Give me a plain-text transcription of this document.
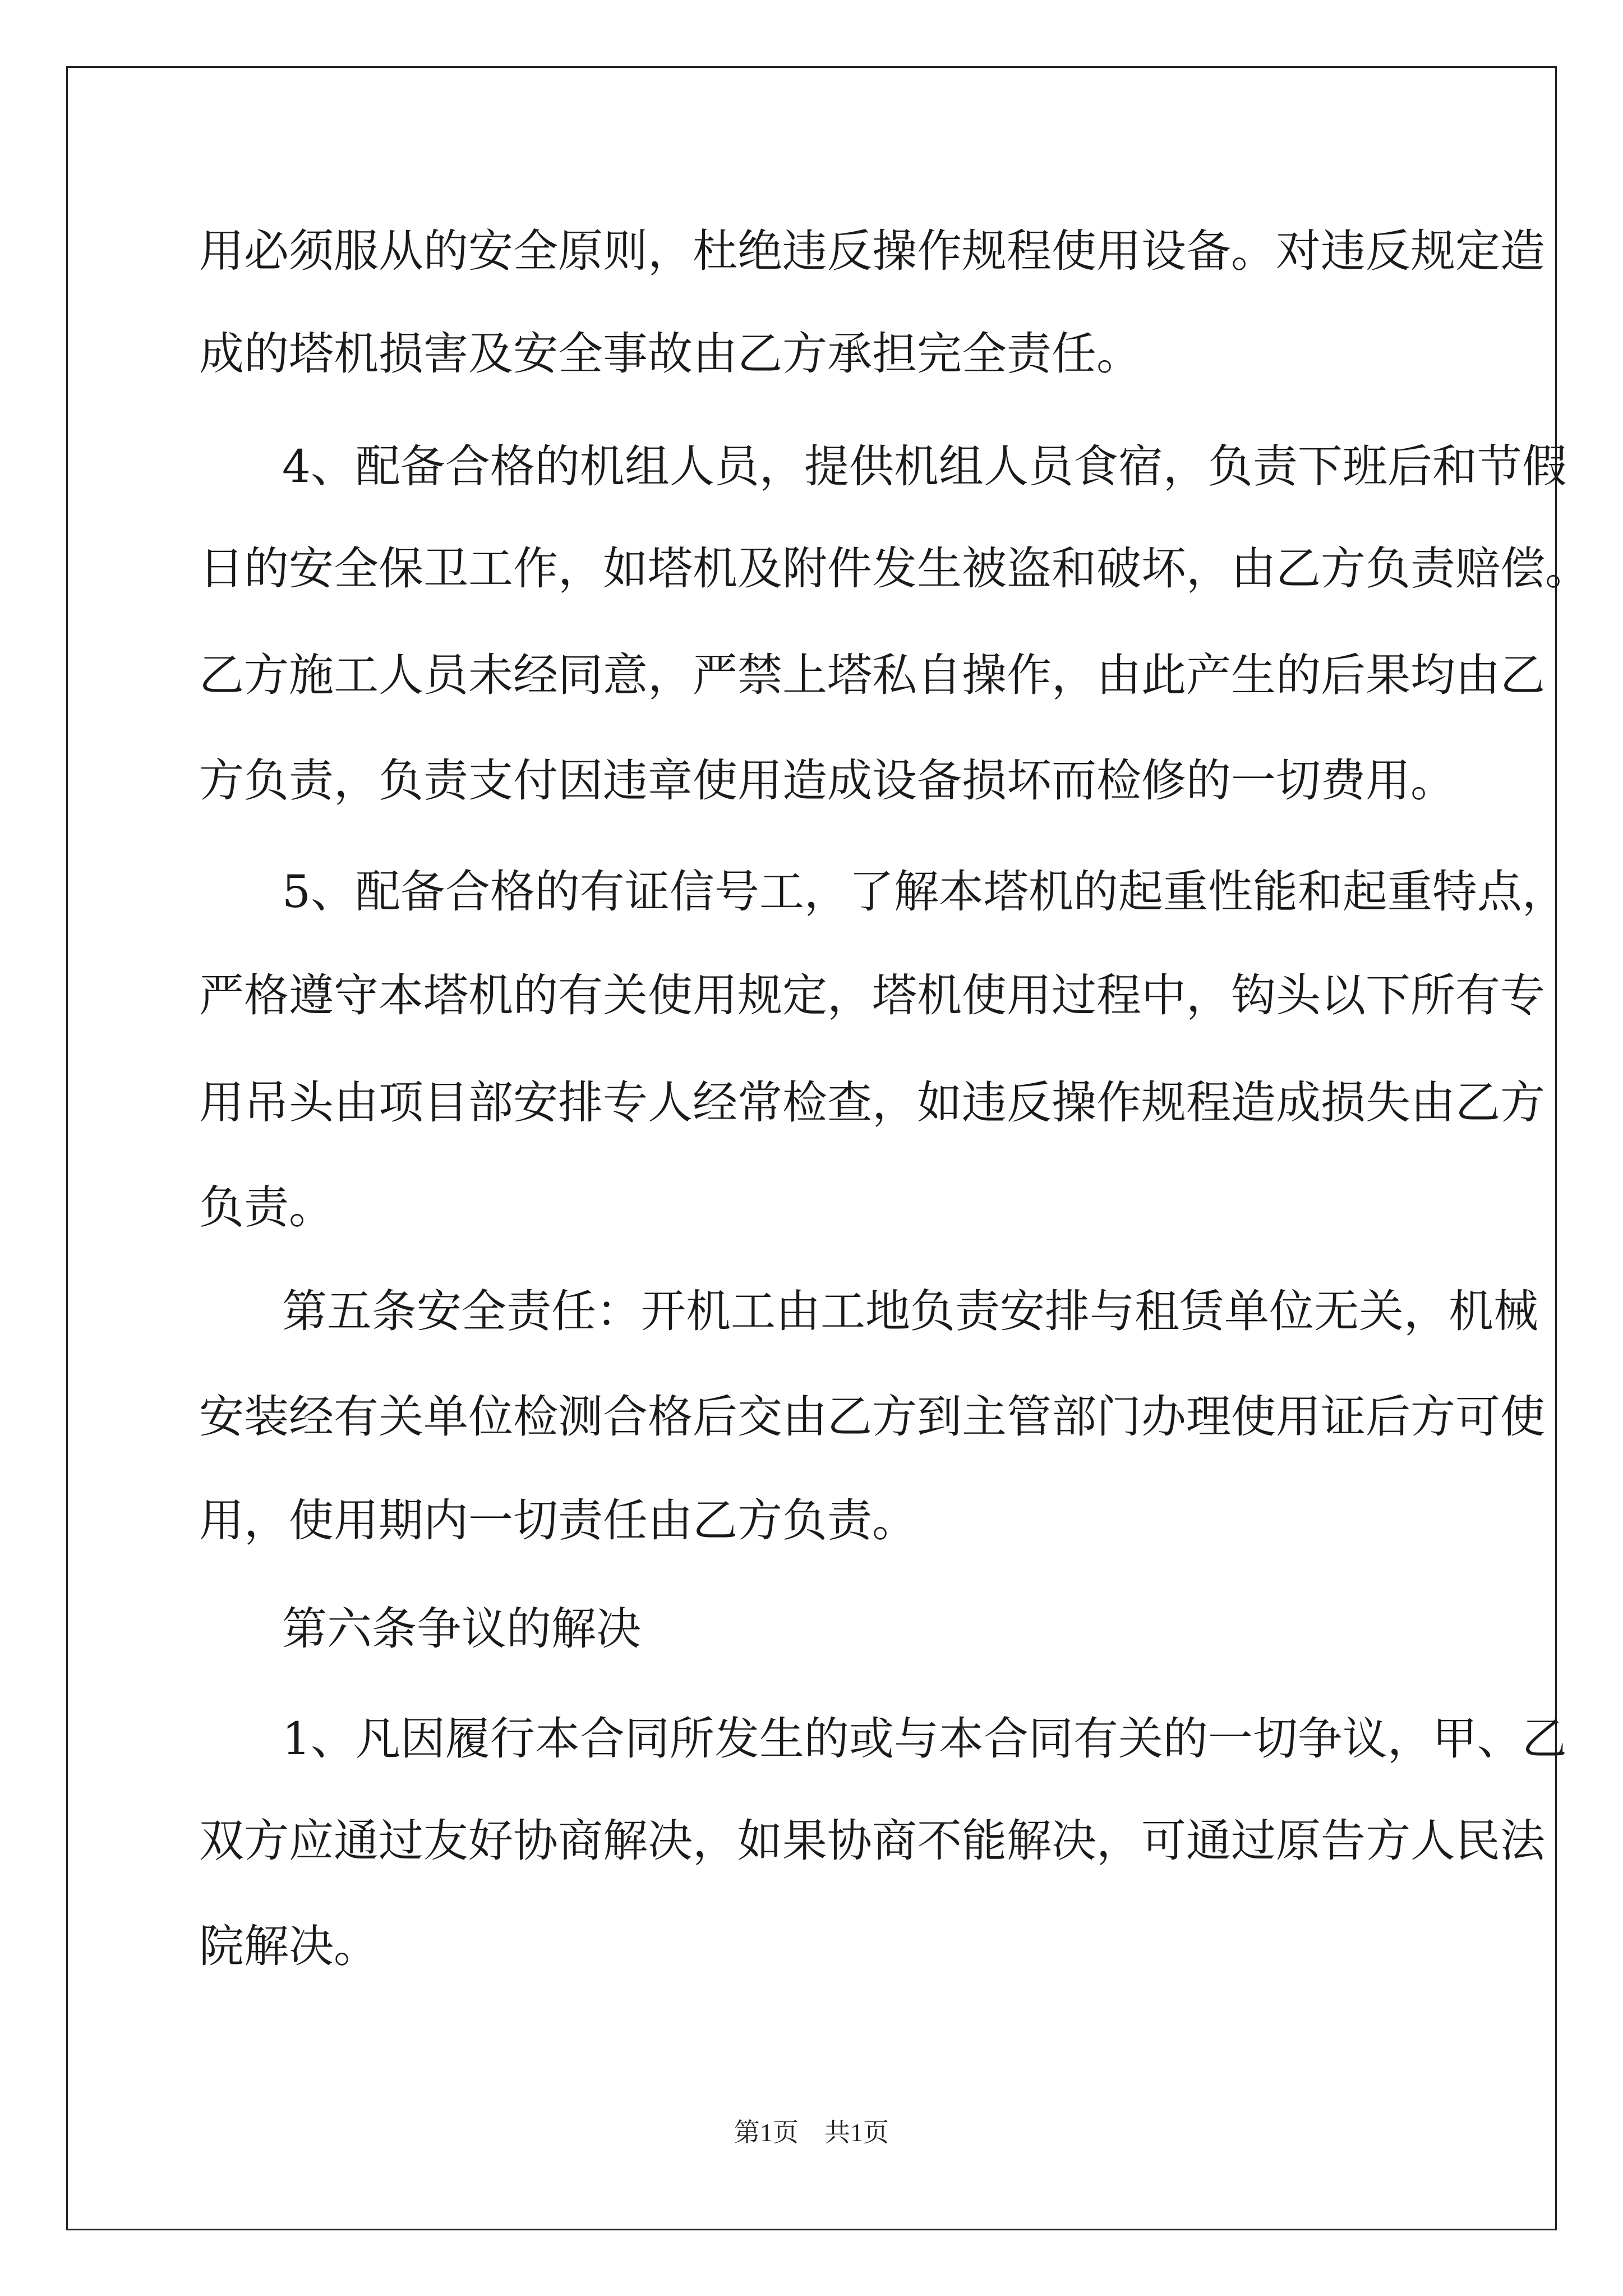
用必须服从的安全原则，杜绝违反操作规程使用设备。对违反规定造
成的塔机损害及安全事故由乙方承担完全责任。
4、配备合格的机组人员，提供机组人员食宿，负责下班后和节假
日的安全保卫工作，如塔机及附件发生被盗和破坏，由乙方负责赔偿。
乙方施工人员未经同意，严禁上塔私自操作，由此产生的后果均由乙
方负责，负责支付因违章使用造成设备损坏而检修的一切费用。
5、配备合格的有证信号工，了解本塔机的起重性能和起重特点，
严格遵守本塔机的有关使用规定，塔机使用过程中，钩头以下所有专
用吊头由项目部安排专人经常检查，如违反操作规程造成损失由乙方
负责。
第五条安全责任：开机工由工地负责安排与租赁单位无关，机械
安装经有关单位检测合格后交由乙方到主管部门办理使用证后方可使
用，使用期内一切责任由乙方负责。
第六条争议的解决
1、凡因履行本合同所发生的或与本合同有关的一切争议，甲、乙
双方应通过友好协商解决，如果协商不能解决，可通过原告方人民法
院解决。
第1页 共1页
